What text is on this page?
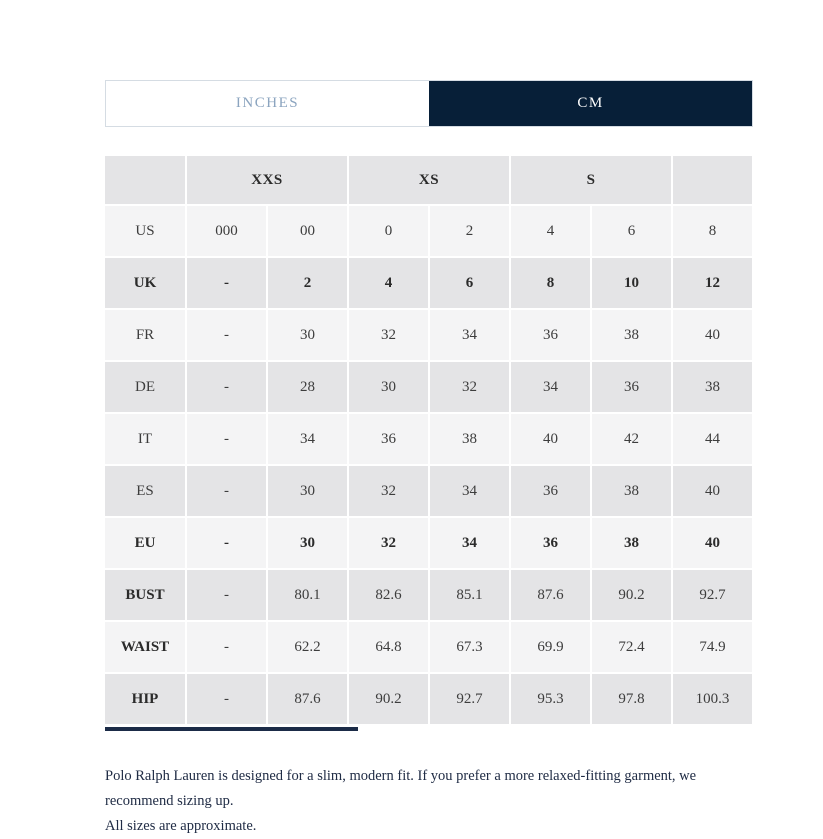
INCHES	CM
	XXS		XS		S		
US	000	00	0	2	4	6	8
UK	-	2	4	6	8	10	12
FR	-	30	32	34	36	38	40
DE	-	28	30	32	34	36	38
IT	-	34	36	38	40	42	44
ES	-	30	32	34	36	38	40
EU	-	30	32	34	36	38	40
BUST	-	80.1	82.6	85.1	87.6	90.2	92.7
WAIST	-	62.2	64.8	67.3	69.9	72.4	74.9
HIP	-	87.6	90.2	92.7	95.3	97.8	100.3

Polo Ralph Lauren is designed for a slim, modern fit. If you prefer a more relaxed-fitting garment, we recommend sizing up.

All sizes are approximate.
